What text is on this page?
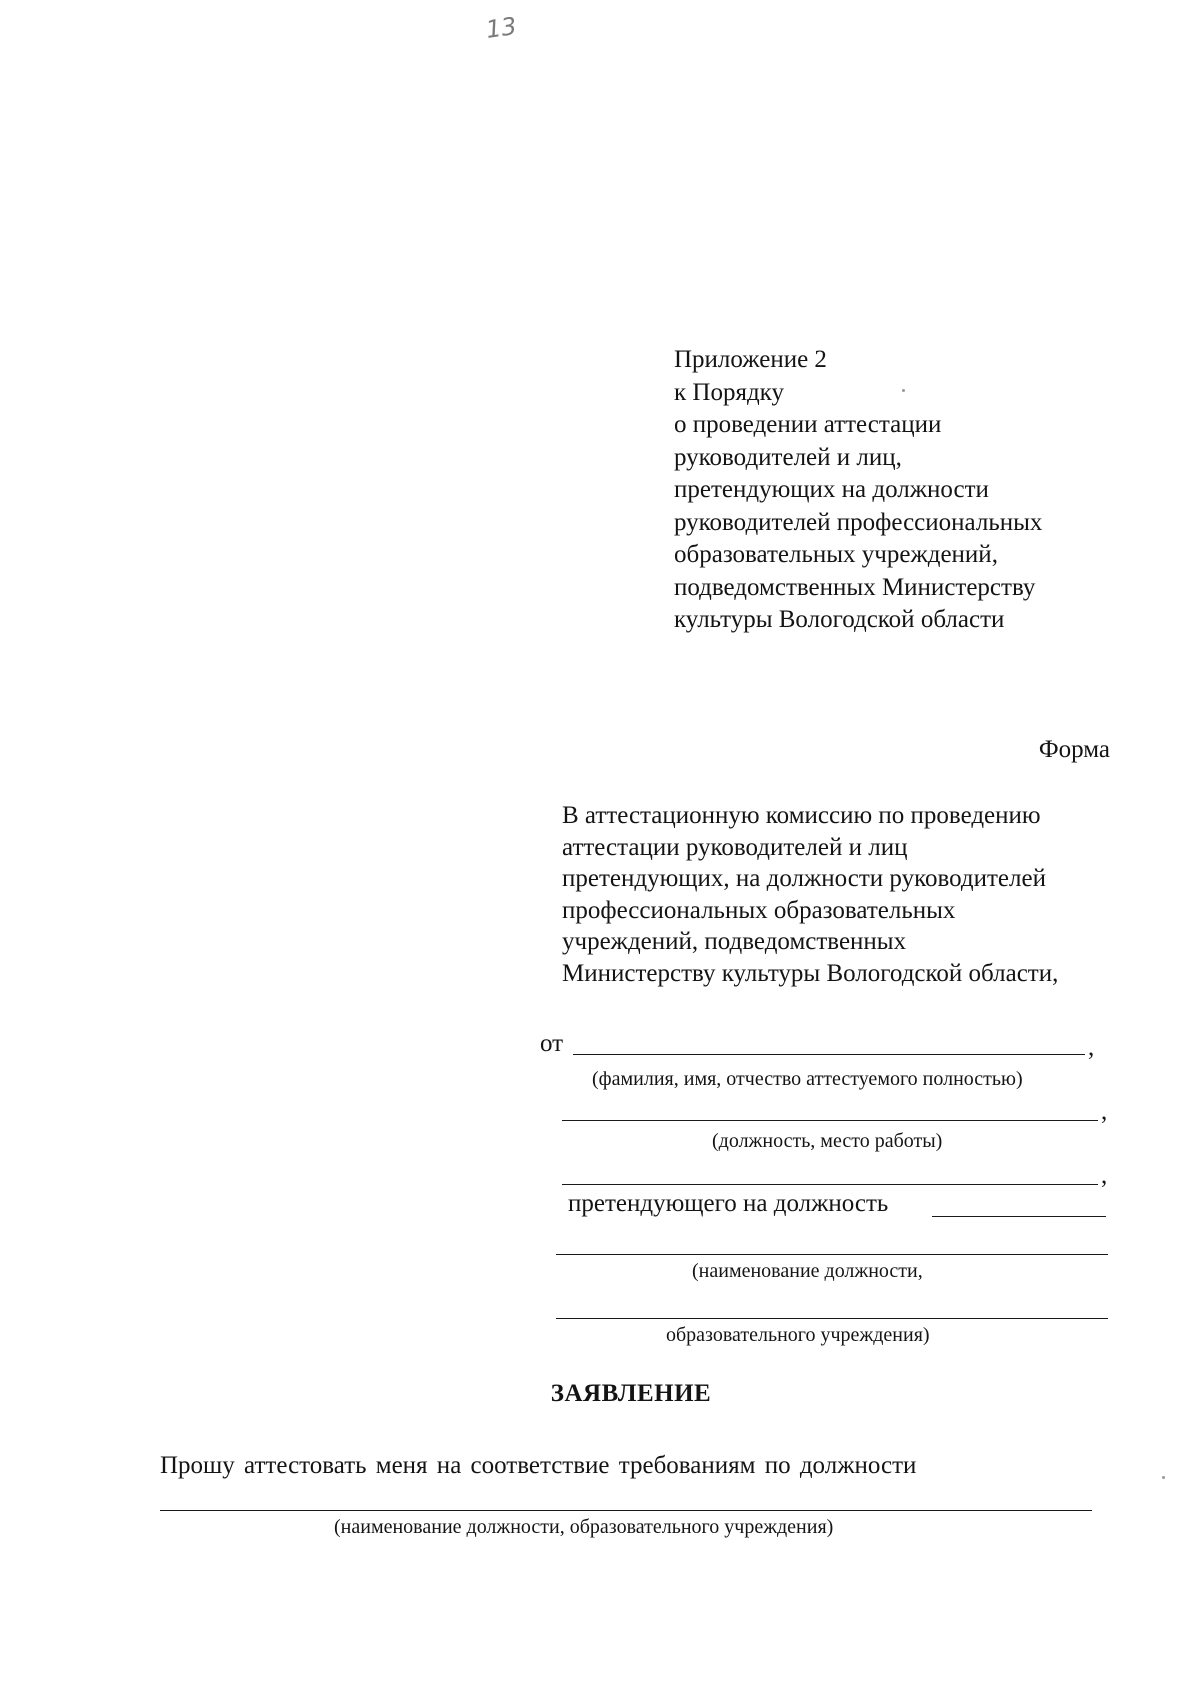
13
Приложение 2
к Порядку
о проведении аттестации
руководителей и лиц,
претендующих на должности
руководителей профессиональных
образовательных учреждений,
подведомственных Министерству
культуры Вологодской области
Форма
В аттестационную комиссию по проведению
аттестации руководителей и лиц
претендующих, на должности руководителей
профессиональных образовательных
учреждений, подведомственных
Министерству культуры Вологодской области,
от	,
(фамилия, имя, отчество аттестуемого полностью)
,
(должность, место работы)
,
претендующего на должность
(наименование должности,
образовательного учреждения)
ЗАЯВЛЕНИЕ
Прошу аттестовать меня на соответствие требованиям по должности
(наименование должности, образовательного учреждения)
